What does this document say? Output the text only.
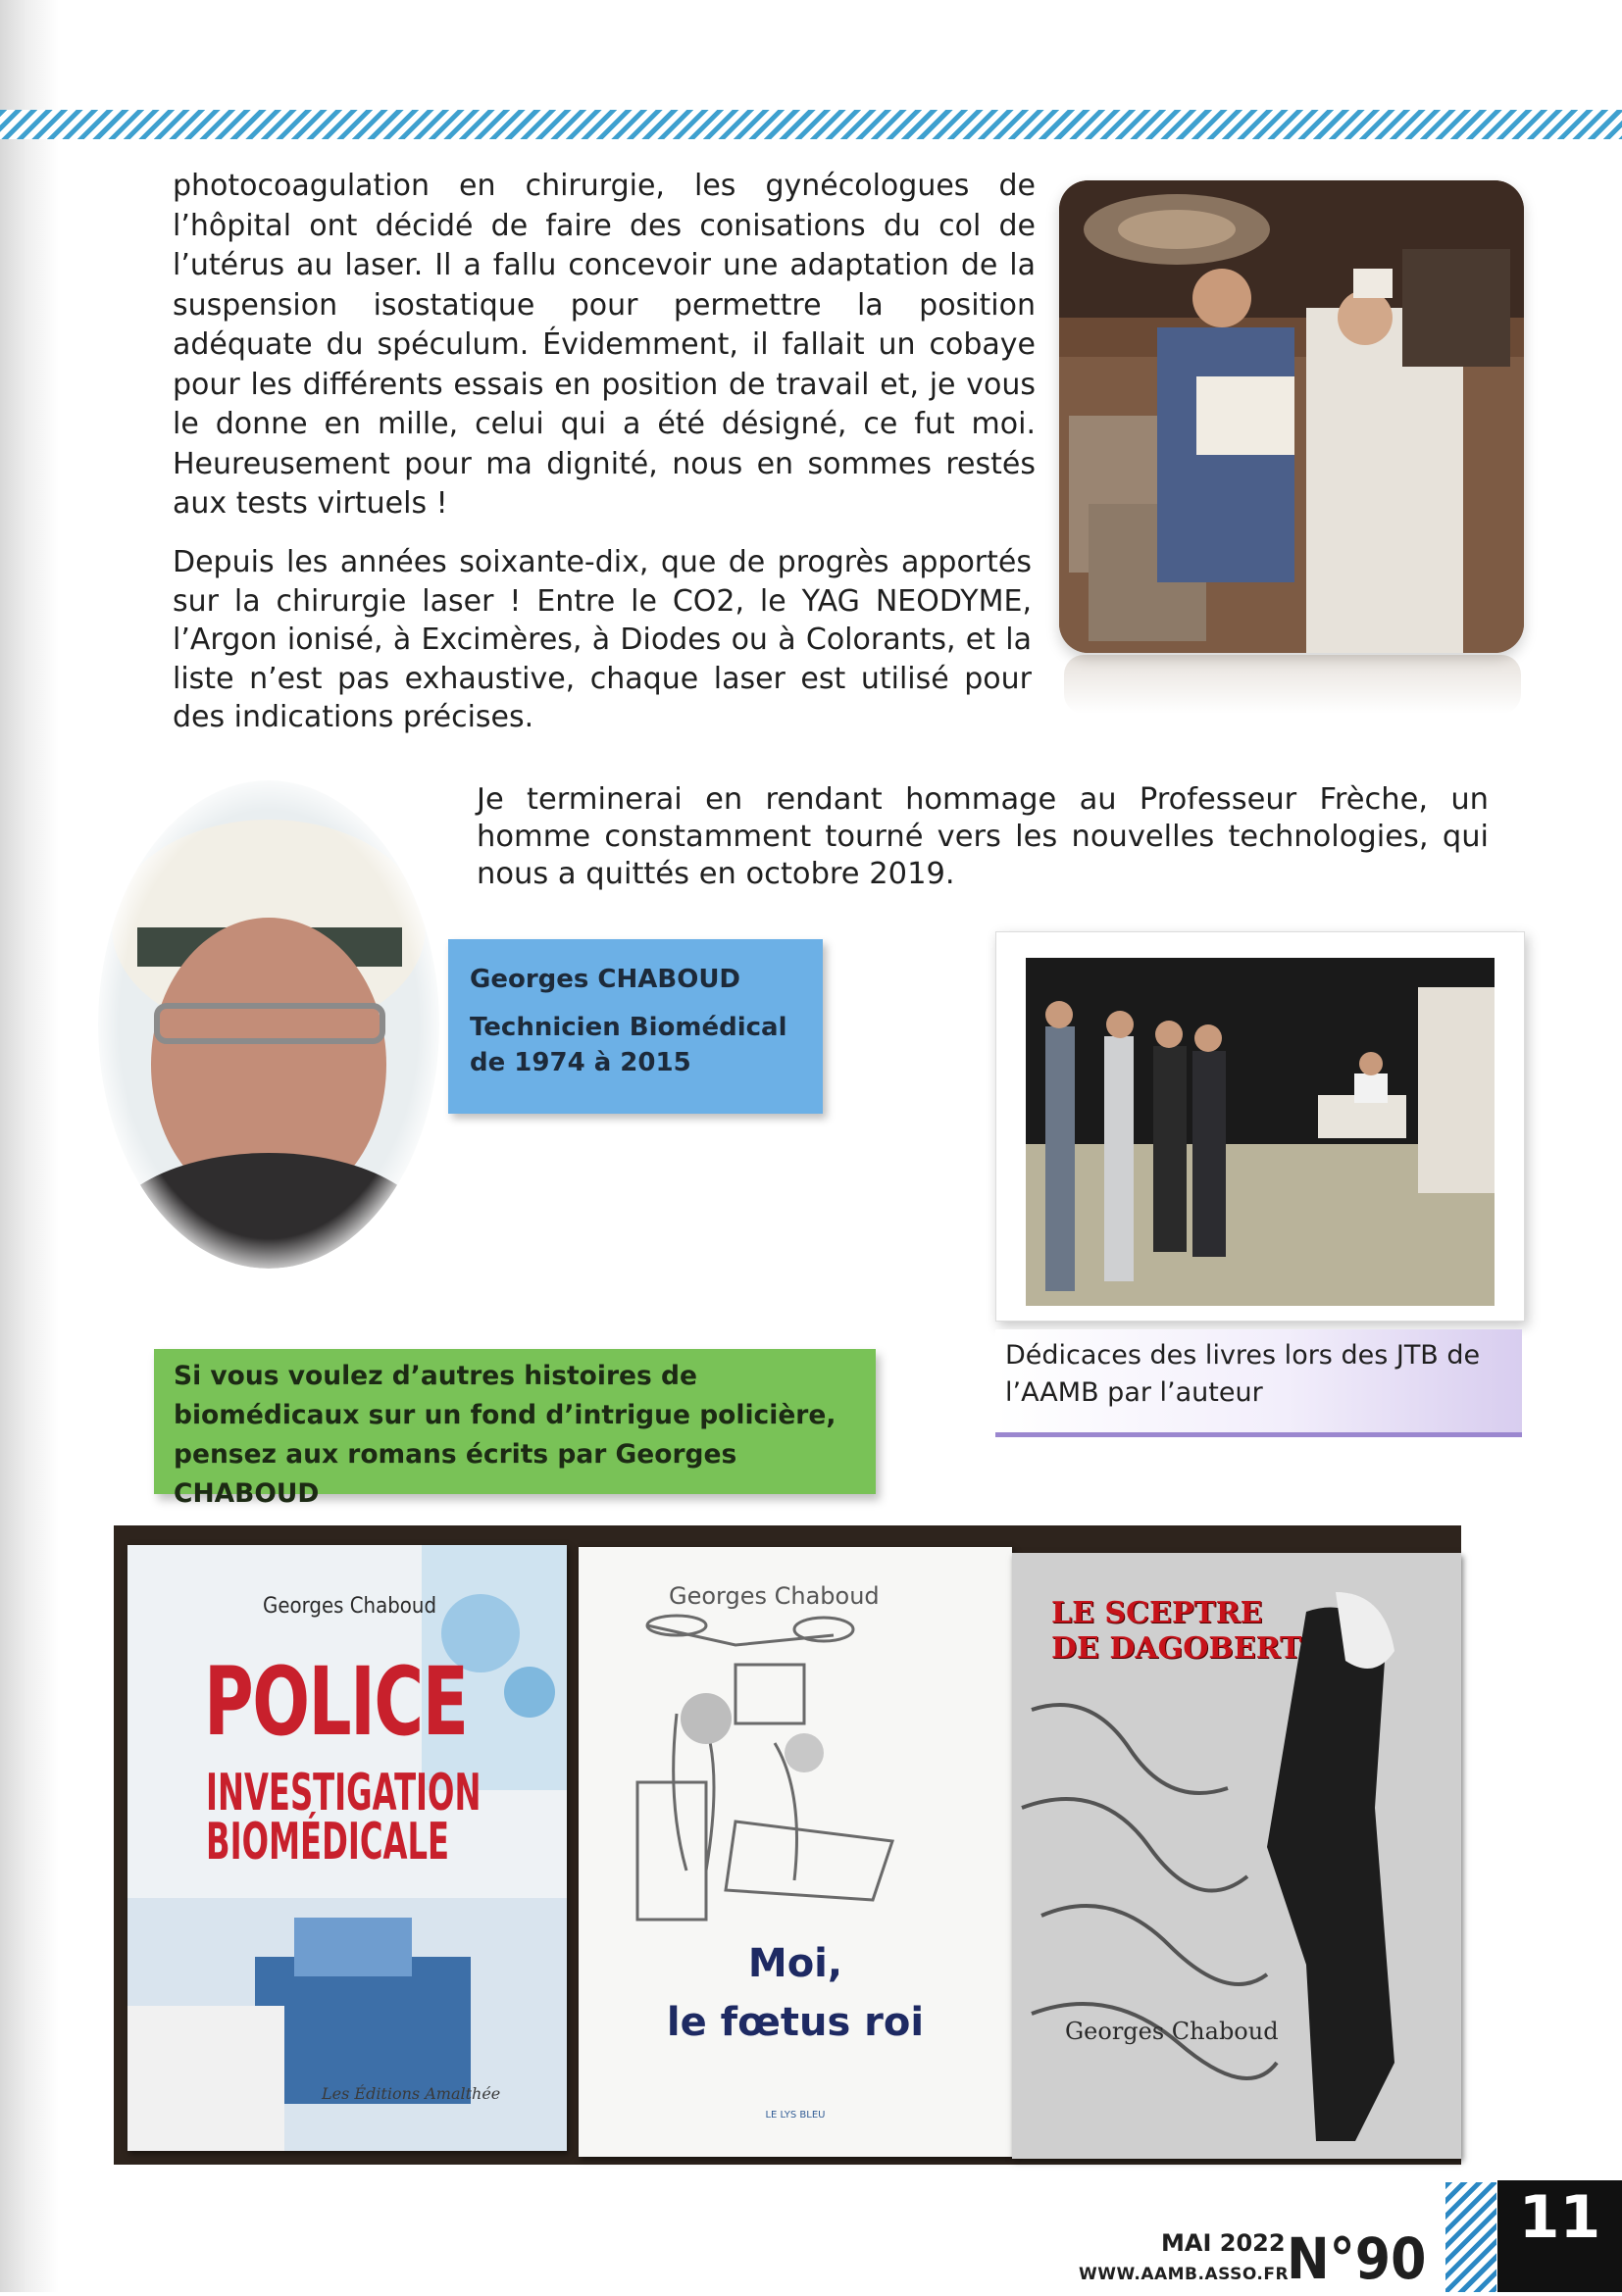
photocoagulation en chirurgie, les gynécologues de l’hôpital ont décidé de faire des conisations du col de l’utérus au laser. Il a fallu concevoir une adaptation de la suspension isostatique pour permettre la position adéquate du spéculum. Évidemment, il fallait un cobaye pour les différents essais en position de travail et, je vous le donne en mille, celui qui a été désigné, ce fut moi. Heureusement pour ma dignité, nous en sommes restés aux tests virtuels !

Depuis les années soixante-dix, que de progrès apportés sur la chirurgie laser ! Entre le CO2, le YAG NEODYME, l’Argon ionisé, à Excimères, à Diodes ou à Colorants, et la liste n’est pas exhaustive, chaque laser est utilisé pour des indications précises.

Je terminerai en rendant hommage au Professeur Frèche, un homme constamment tourné vers les nouvelles technologies, qui nous a quittés en octobre 2019.

Georges CHABOUD
Technicien Biomédical de 1974 à 2015
Dédicaces des livres lors des JTB de l’AAMB par l’auteur
Si vous voulez d’autres histoires de biomédicaux sur un fond d’intrigue policière, pensez aux romans écrits par Georges CHABOUD
Georges Chaboud
POLICE
INVESTIGATION
BIOMÉDICALE
Les Éditions Amalthée
Georges Chaboud
Moi,
le fœtus roi
LE LYS BLEU
LE SCEPTRE
DE DAGOBERT
Georges Chaboud
MAI 2022
WWW.AAMB.ASSO.FR
N°90
11
